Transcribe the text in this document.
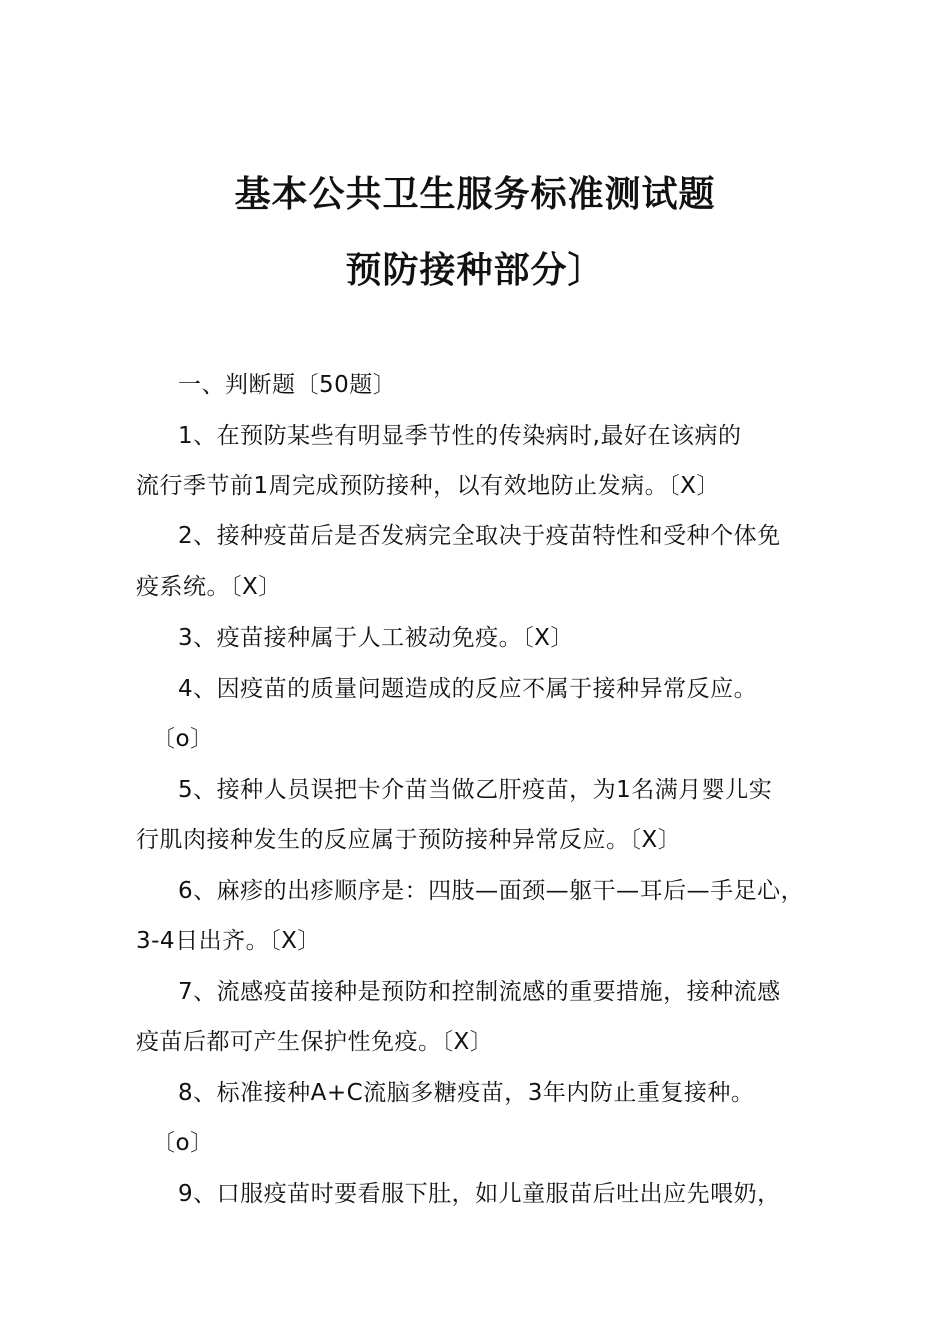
基本公共卫生服务标准测试题
预防接种部分〕
一、判断题〔50题〕
1、在预防某些有明显季节性的传染病时,最好在该病的
流行季节前1周完成预防接种，以有效地防止发病。〔X〕
2、接种疫苗后是否发病完全取决于疫苗特性和受种个体免
疫系统。〔X〕
3、疫苗接种属于人工被动免疫。〔X〕
4、因疫苗的质量问题造成的反应不属于接种异常反应。
〔o〕
5、接种人员误把卡介苗当做乙肝疫苗，为1名满月婴儿实
行肌肉接种发生的反应属于预防接种异常反应。〔X〕
6、麻疹的出疹顺序是：四肢—面颈—躯干—耳后—手足心，
3-4日出齐。〔X〕
7、流感疫苗接种是预防和控制流感的重要措施，接种流感
疫苗后都可产生保护性免疫。〔X〕
8、标准接种A+C流脑多糖疫苗，3年内防止重复接种。
〔o〕
9、口服疫苗时要看服下肚，如儿童服苗后吐出应先喂奶，
